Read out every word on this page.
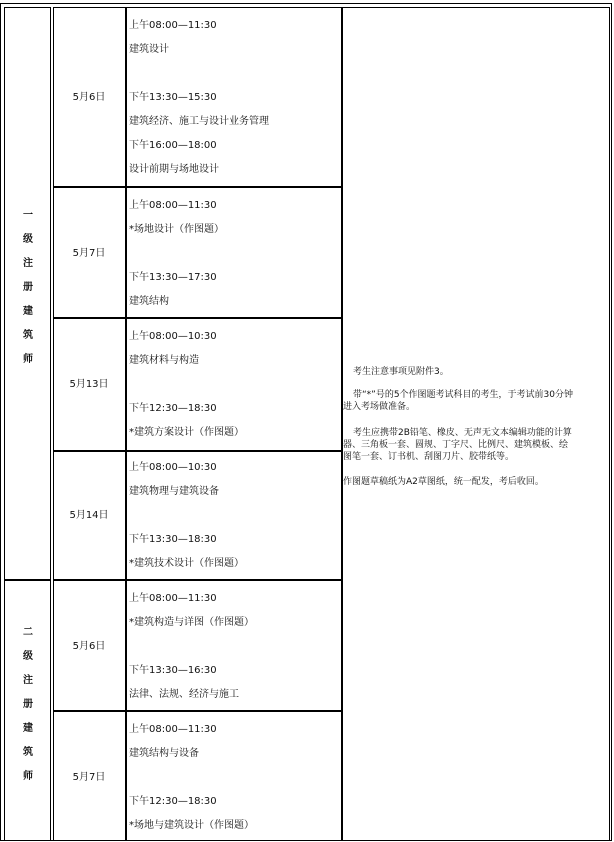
一
级
注
册
建
筑
师
5月6日
上午08:00—11:30
建筑设计
下午13:30—15:30
建筑经济、施工与设计业务管理
下午16:00—18:00
设计前期与场地设计
5月7日
上午08:00—11:30
*场地设计（作图题）
下午13:30—17:30
建筑结构
5月13日
上午08:00—10:30
建筑材料与构造
下午12:30—18:30
*建筑方案设计（作图题）
5月14日
上午08:00—10:30
建筑物理与建筑设备
下午13:30—18:30
*建筑技术设计（作图题）
二
级
注
册
建
筑
师
5月6日
上午08:00—11:30
*建筑构造与详图（作图题）
下午13:30—16:30
法律、法规、经济与施工
5月7日
上午08:00—11:30
建筑结构与设备
下午12:30—18:30
*场地与建筑设计（作图题）
考生注意事项见附件3。
带“*”号的5个作图题考试科目的考生，于考试前30分钟
进入考场做准备。
考生应携带2B铅笔、橡皮、无声无文本编辑功能的计算
器、三角板一套、圆规、丁字尺、比例尺、建筑模板、绘
图笔一套、订书机、刮图刀片、胶带纸等。
作图题草稿纸为A2草图纸，统一配发，考后收回。
